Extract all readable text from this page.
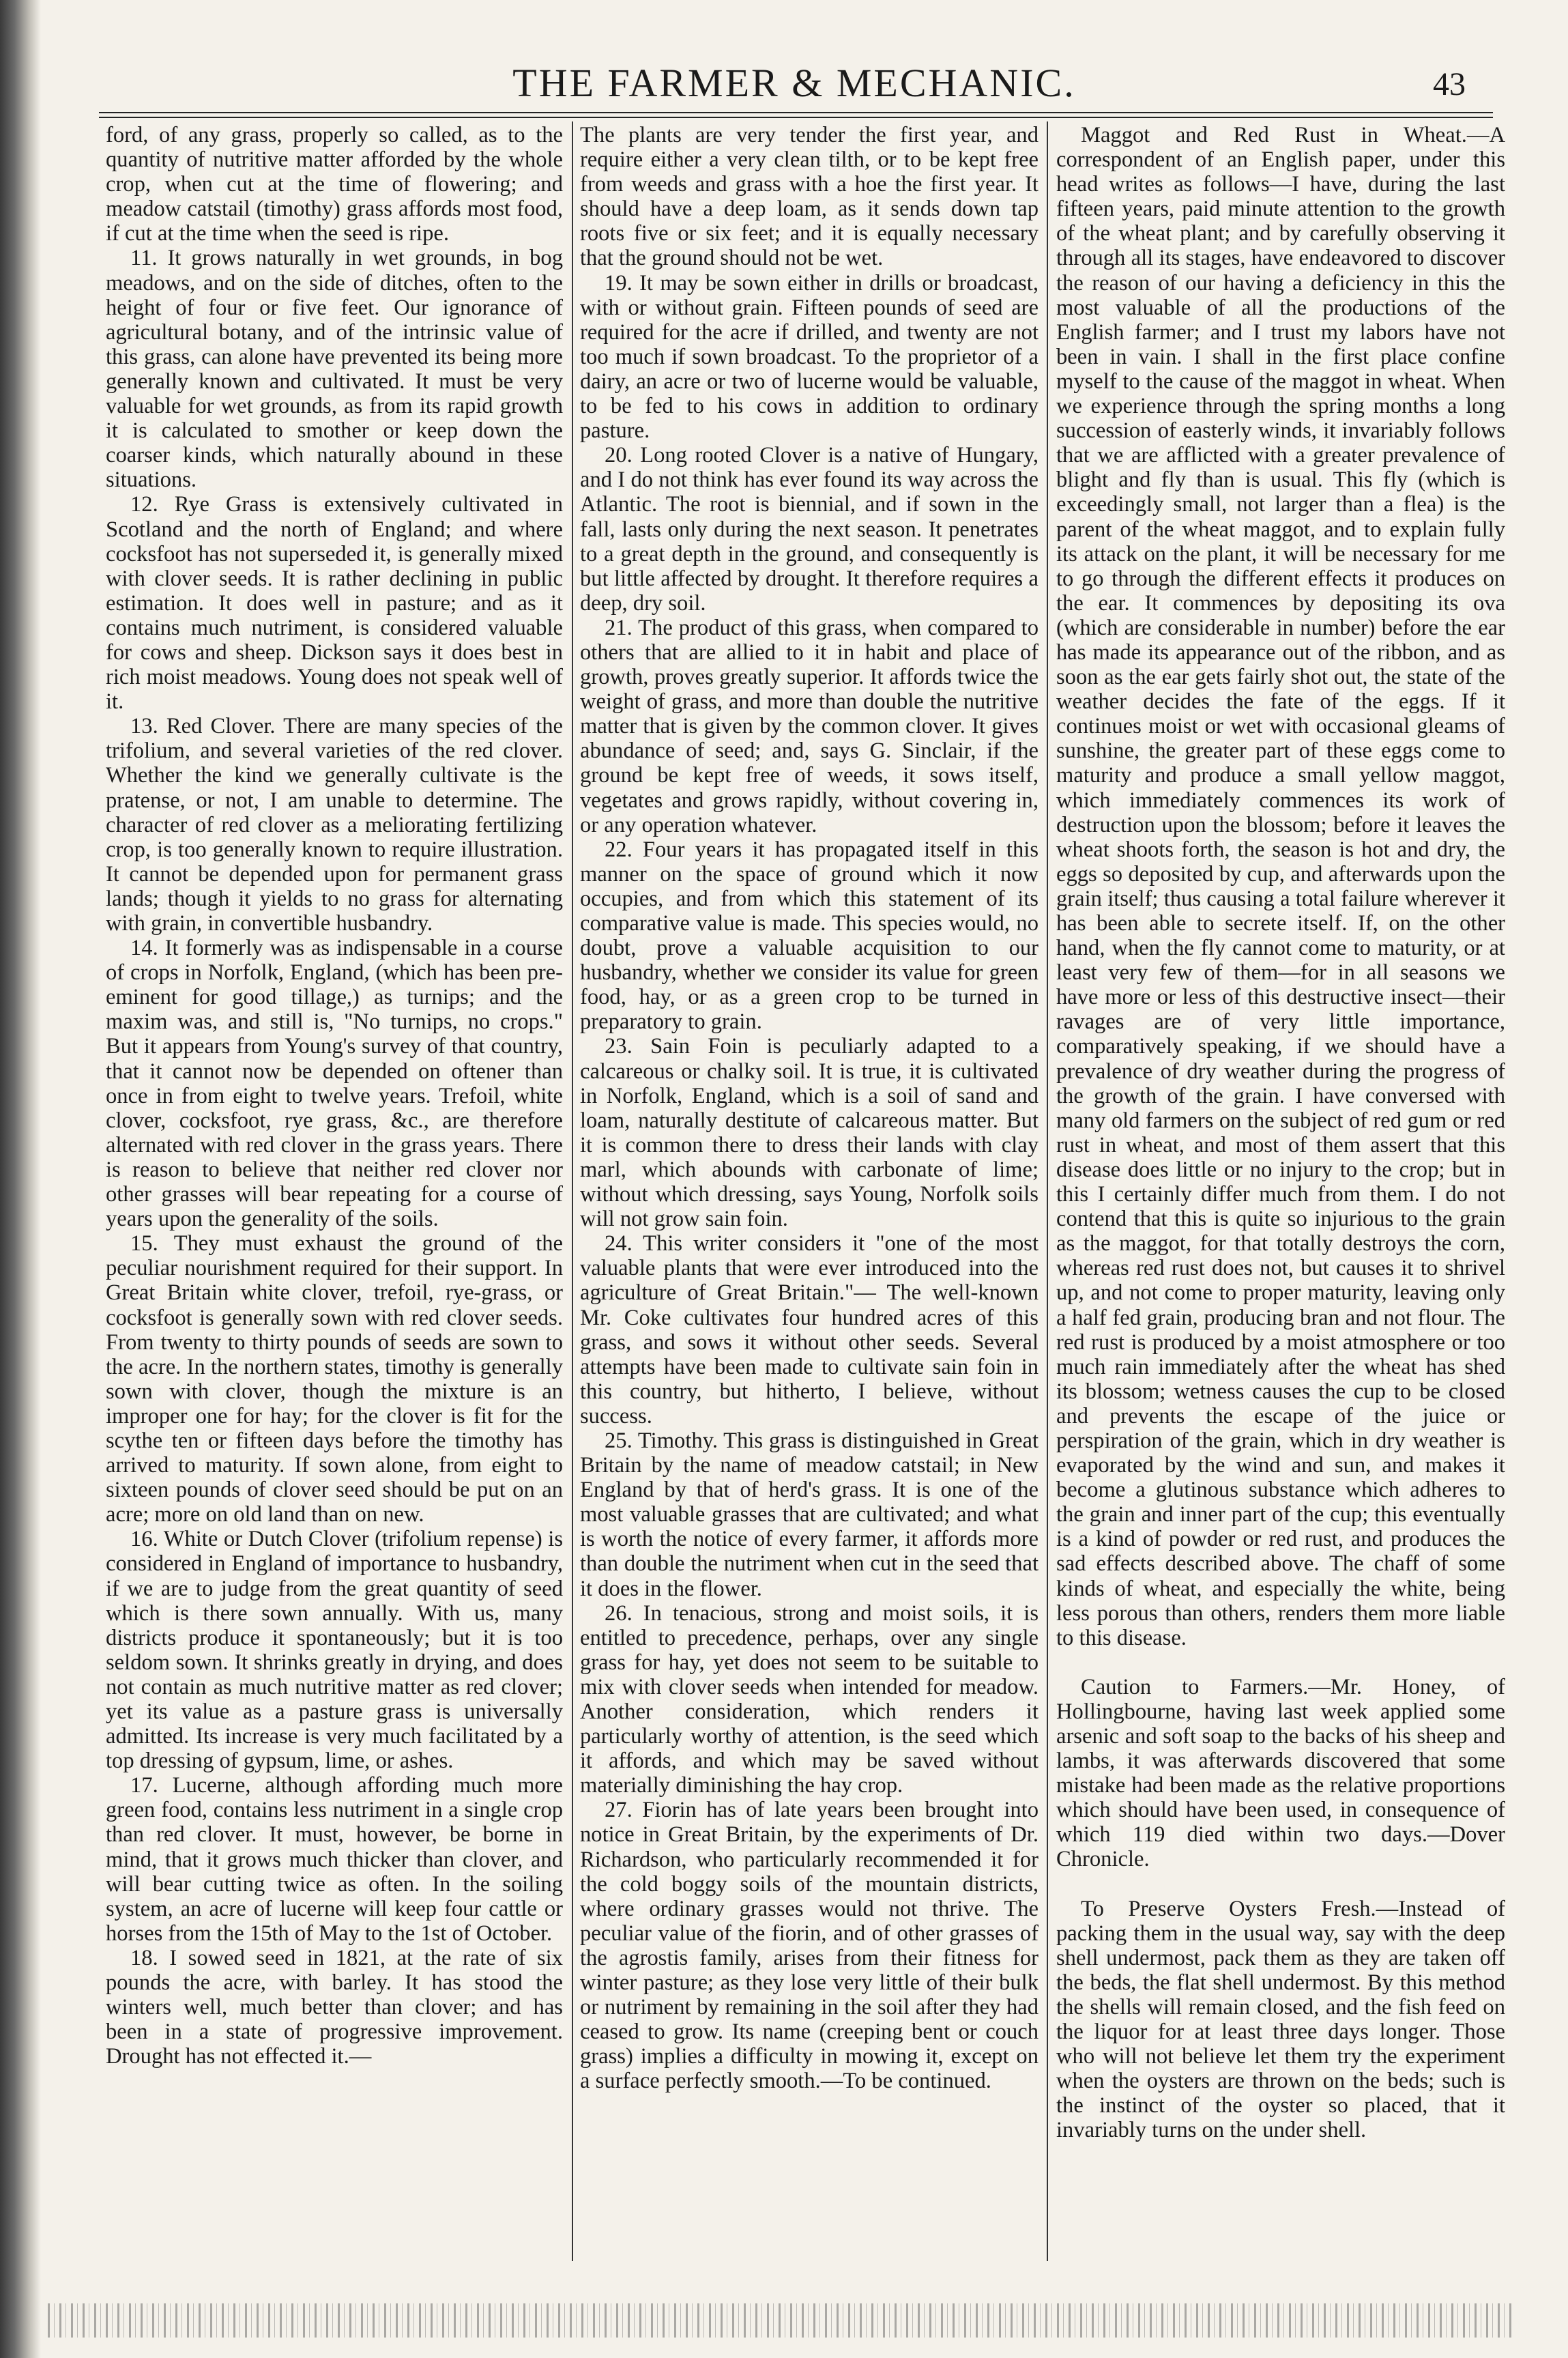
THE FARMER & MECHANIC.	43

ford, of any grass, properly so called, as to the quantity of nutritive matter afforded by the whole crop, when cut at the time of flowering; and meadow catstail (timothy) grass affords most food, if cut at the time when the seed is ripe.

11. It grows naturally in wet grounds, in bog meadows, and on the side of ditches, often to the height of four or five feet. Our ignorance of agricultural botany, and of the intrinsic value of this grass, can alone have prevented its being more generally known and cultivated. It must be very valuable for wet grounds, as from its rapid growth it is calculated to smother or keep down the coarser kinds, which naturally abound in these situations.

12. Rye Grass is extensively cultivated in Scotland and the north of England; and where cocksfoot has not superseded it, is generally mixed with clover seeds. It is rather declining in public estimation. It does well in pasture; and as it contains much nutriment, is considered valuable for cows and sheep. Dickson says it does best in rich moist meadows. Young does not speak well of it.

13. Red Clover. There are many species of the trifolium, and several varieties of the red clover. Whether the kind we generally cultivate is the pratense, or not, I am unable to determine. The character of red clover as a meliorating fertilizing crop, is too generally known to require illustration. It cannot be depended upon for permanent grass lands; though it yields to no grass for alternating with grain, in convertible husbandry.

14. It formerly was as indispensable in a course of crops in Norfolk, England, (which has been pre-eminent for good tillage,) as turnips; and the maxim was, and still is, "No turnips, no crops." But it appears from Young's survey of that country, that it cannot now be depended on oftener than once in from eight to twelve years. Trefoil, white clover, cocksfoot, rye grass, &c., are therefore alternated with red clover in the grass years. There is reason to believe that neither red clover nor other grasses will bear repeating for a course of years upon the generality of the soils.

15. They must exhaust the ground of the peculiar nourishment required for their support. In Great Britain white clover, trefoil, rye-grass, or cocksfoot is generally sown with red clover seeds. From twenty to thirty pounds of seeds are sown to the acre. In the northern states, timothy is generally sown with clover, though the mixture is an improper one for hay; for the clover is fit for the scythe ten or fifteen days before the timothy has arrived to maturity. If sown alone, from eight to sixteen pounds of clover seed should be put on an acre; more on old land than on new.

16. White or Dutch Clover (trifolium repense) is considered in England of importance to husbandry, if we are to judge from the great quantity of seed which is there sown annually. With us, many districts produce it spontaneously; but it is too seldom sown. It shrinks greatly in drying, and does not contain as much nutritive matter as red clover; yet its value as a pasture grass is universally admitted. Its increase is very much facilitated by a top dressing of gypsum, lime, or ashes.

17. Lucerne, although affording much more green food, contains less nutriment in a single crop than red clover. It must, however, be borne in mind, that it grows much thicker than clover, and will bear cutting twice as often. In the soiling system, an acre of lucerne will keep four cattle or horses from the 15th of May to the 1st of October.

18. I sowed seed in 1821, at the rate of six pounds the acre, with barley. It has stood the winters well, much better than clover; and has been in a state of progressive improvement. Drought has not effected it.—

The plants are very tender the first year, and require either a very clean tilth, or to be kept free from weeds and grass with a hoe the first year. It should have a deep loam, as it sends down tap roots five or six feet; and it is equally necessary that the ground should not be wet.

19. It may be sown either in drills or broadcast, with or without grain. Fifteen pounds of seed are required for the acre if drilled, and twenty are not too much if sown broadcast. To the proprietor of a dairy, an acre or two of lucerne would be valuable, to be fed to his cows in addition to ordinary pasture.

20. Long rooted Clover is a native of Hungary, and I do not think has ever found its way across the Atlantic. The root is biennial, and if sown in the fall, lasts only during the next season. It penetrates to a great depth in the ground, and consequently is but little affected by drought. It therefore requires a deep, dry soil.

21. The product of this grass, when compared to others that are allied to it in habit and place of growth, proves greatly superior. It affords twice the weight of grass, and more than double the nutritive matter that is given by the common clover. It gives abundance of seed; and, says G. Sinclair, if the ground be kept free of weeds, it sows itself, vegetates and grows rapidly, without covering in, or any operation whatever.

22. Four years it has propagated itself in this manner on the space of ground which it now occupies, and from which this statement of its comparative value is made. This species would, no doubt, prove a valuable acquisition to our husbandry, whether we consider its value for green food, hay, or as a green crop to be turned in preparatory to grain.

23. Sain Foin is peculiarly adapted to a calcareous or chalky soil. It is true, it is cultivated in Norfolk, England, which is a soil of sand and loam, naturally destitute of calcareous matter. But it is common there to dress their lands with clay marl, which abounds with carbonate of lime; without which dressing, says Young, Norfolk soils will not grow sain foin.

24. This writer considers it "one of the most valuable plants that were ever introduced into the agriculture of Great Britain."— The well-known Mr. Coke cultivates four hundred acres of this grass, and sows it without other seeds. Several attempts have been made to cultivate sain foin in this country, but hitherto, I believe, without success.

25. Timothy. This grass is distinguished in Great Britain by the name of meadow catstail; in New England by that of herd's grass. It is one of the most valuable grasses that are cultivated; and what is worth the notice of every farmer, it affords more than double the nutriment when cut in the seed that it does in the flower.

26. In tenacious, strong and moist soils, it is entitled to precedence, perhaps, over any single grass for hay, yet does not seem to be suitable to mix with clover seeds when intended for meadow. Another consideration, which renders it particularly worthy of attention, is the seed which it affords, and which may be saved without materially diminishing the hay crop.

27. Fiorin has of late years been brought into notice in Great Britain, by the experiments of Dr. Richardson, who particularly recommended it for the cold boggy soils of the mountain districts, where ordinary grasses would not thrive. The peculiar value of the fiorin, and of other grasses of the agrostis family, arises from their fitness for winter pasture; as they lose very little of their bulk or nutriment by remaining in the soil after they had ceased to grow. Its name (creeping bent or couch grass) implies a difficulty in mowing it, except on a surface perfectly smooth.—To be continued.

Maggot and Red Rust in Wheat.—A correspondent of an English paper, under this head writes as follows—I have, during the last fifteen years, paid minute attention to the growth of the wheat plant; and by carefully observing it through all its stages, have endeavored to discover the reason of our having a deficiency in this the most valuable of all the productions of the English farmer; and I trust my labors have not been in vain. I shall in the first place confine myself to the cause of the maggot in wheat. When we experience through the spring months a long succession of easterly winds, it invariably follows that we are afflicted with a greater prevalence of blight and fly than is usual. This fly (which is exceedingly small, not larger than a flea) is the parent of the wheat maggot, and to explain fully its attack on the plant, it will be necessary for me to go through the different effects it produces on the ear. It commences by depositing its ova (which are considerable in number) before the ear has made its appearance out of the ribbon, and as soon as the ear gets fairly shot out, the state of the weather decides the fate of the eggs. If it continues moist or wet with occasional gleams of sunshine, the greater part of these eggs come to maturity and produce a small yellow maggot, which immediately commences its work of destruction upon the blossom; before it leaves the wheat shoots forth, the season is hot and dry, the eggs so deposited by cup, and afterwards upon the grain itself; thus causing a total failure wherever it has been able to secrete itself. If, on the other hand, when the fly cannot come to maturity, or at least very few of them—for in all seasons we have more or less of this destructive insect—their ravages are of very little importance, comparatively speaking, if we should have a prevalence of dry weather during the progress of the growth of the grain. I have conversed with many old farmers on the subject of red gum or red rust in wheat, and most of them assert that this disease does little or no injury to the crop; but in this I certainly differ much from them. I do not contend that this is quite so injurious to the grain as the maggot, for that totally destroys the corn, whereas red rust does not, but causes it to shrivel up, and not come to proper maturity, leaving only a half fed grain, producing bran and not flour. The red rust is produced by a moist atmosphere or too much rain immediately after the wheat has shed its blossom; wetness causes the cup to be closed and prevents the escape of the juice or perspiration of the grain, which in dry weather is evaporated by the wind and sun, and makes it become a glutinous substance which adheres to the grain and inner part of the cup; this eventually is a kind of powder or red rust, and produces the sad effects described above. The chaff of some kinds of wheat, and especially the white, being less porous than others, renders them more liable to this disease.

Caution to Farmers.—Mr. Honey, of Hollingbourne, having last week applied some arsenic and soft soap to the backs of his sheep and lambs, it was afterwards discovered that some mistake had been made as the relative proportions which should have been used, in consequence of which 119 died within two days.—Dover Chronicle.

To Preserve Oysters Fresh.—Instead of packing them in the usual way, say with the deep shell undermost, pack them as they are taken off the beds, the flat shell undermost. By this method the shells will remain closed, and the fish feed on the liquor for at least three days longer. Those who will not believe let them try the experiment when the oysters are thrown on the beds; such is the instinct of the oyster so placed, that it invariably turns on the under shell.
